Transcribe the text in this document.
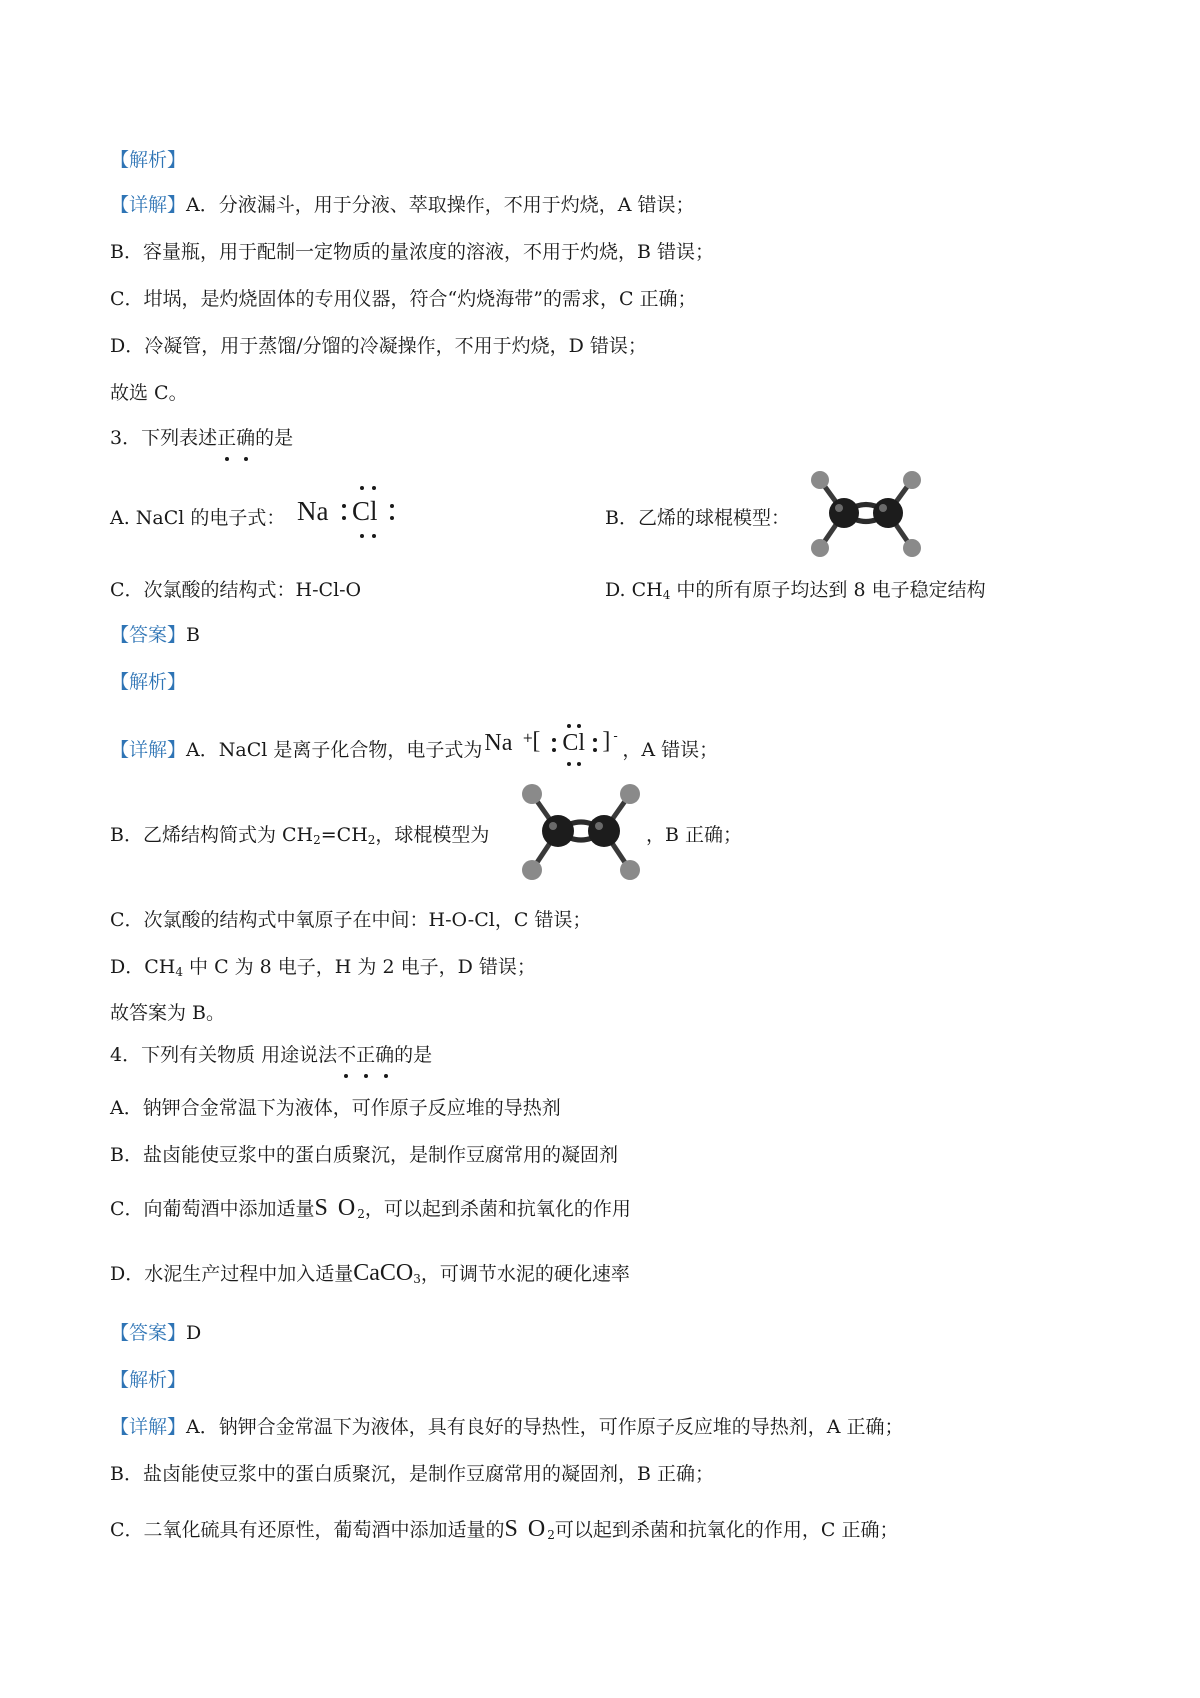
【解析】
【详解】A．分液漏斗，用于分液、萃取操作，不用于灼烧，A 错误；
B．容量瓶，用于配制一定物质的量浓度的溶液，不用于灼烧，B 错误；
C．坩埚，是灼烧固体的专用仪器，符合“灼烧海带”的需求，C 正确；
D．冷凝管，用于蒸馏/分馏的冷凝操作，不用于灼烧，D 错误；
故选 C。
3．下列表述正确
的是
A. NaCl 的电子式： Na Cl	B．乙烯的球棍模型：
C．次氯酸的结构式：H-Cl-O	D. $CH_4$ 中的所有原子均达到 8 电子稳定结构
【答案】B
【解析】
【详解】A．NaCl 是离子化合物，电子式为 Na + [ Cl ] -
，A 错误；
B．乙烯结构简式为 $CH_2=CH_2$，球棍模型为	，B 正确；
C．次氯酸的结构式中氧原子在中间：H-O-Cl，C 错误；
D．$CH_4$ 中 C 为 8 电子，H 为 2 电子，D 错误；
故答案为 B。
4．下列有关物质 用途说法不正确
的是
A．钠钾合金常温下为液体，可作原子反应堆的导热剂
B．盐卤能使豆浆中的蛋白质聚沉，是制作豆腐常用的凝固剂
C．向葡萄酒中添加适量S $O_2$，可以起到杀菌和抗氧化的作用
D．水泥生产过程中加入适量CaCO$_3$，可调节水泥的硬化速率
【答案】D
【解析】
【详解】A．钠钾合金常温下为液体，具有良好的导热性，可作原子反应堆的导热剂，A 正确；
B．盐卤能使豆浆中的蛋白质聚沉，是制作豆腐常用的凝固剂，B 正确；
C．二氧化硫具有还原性，葡萄酒中添加适量的S $O_2$可以起到杀菌和抗氧化的作用，C 正确；
